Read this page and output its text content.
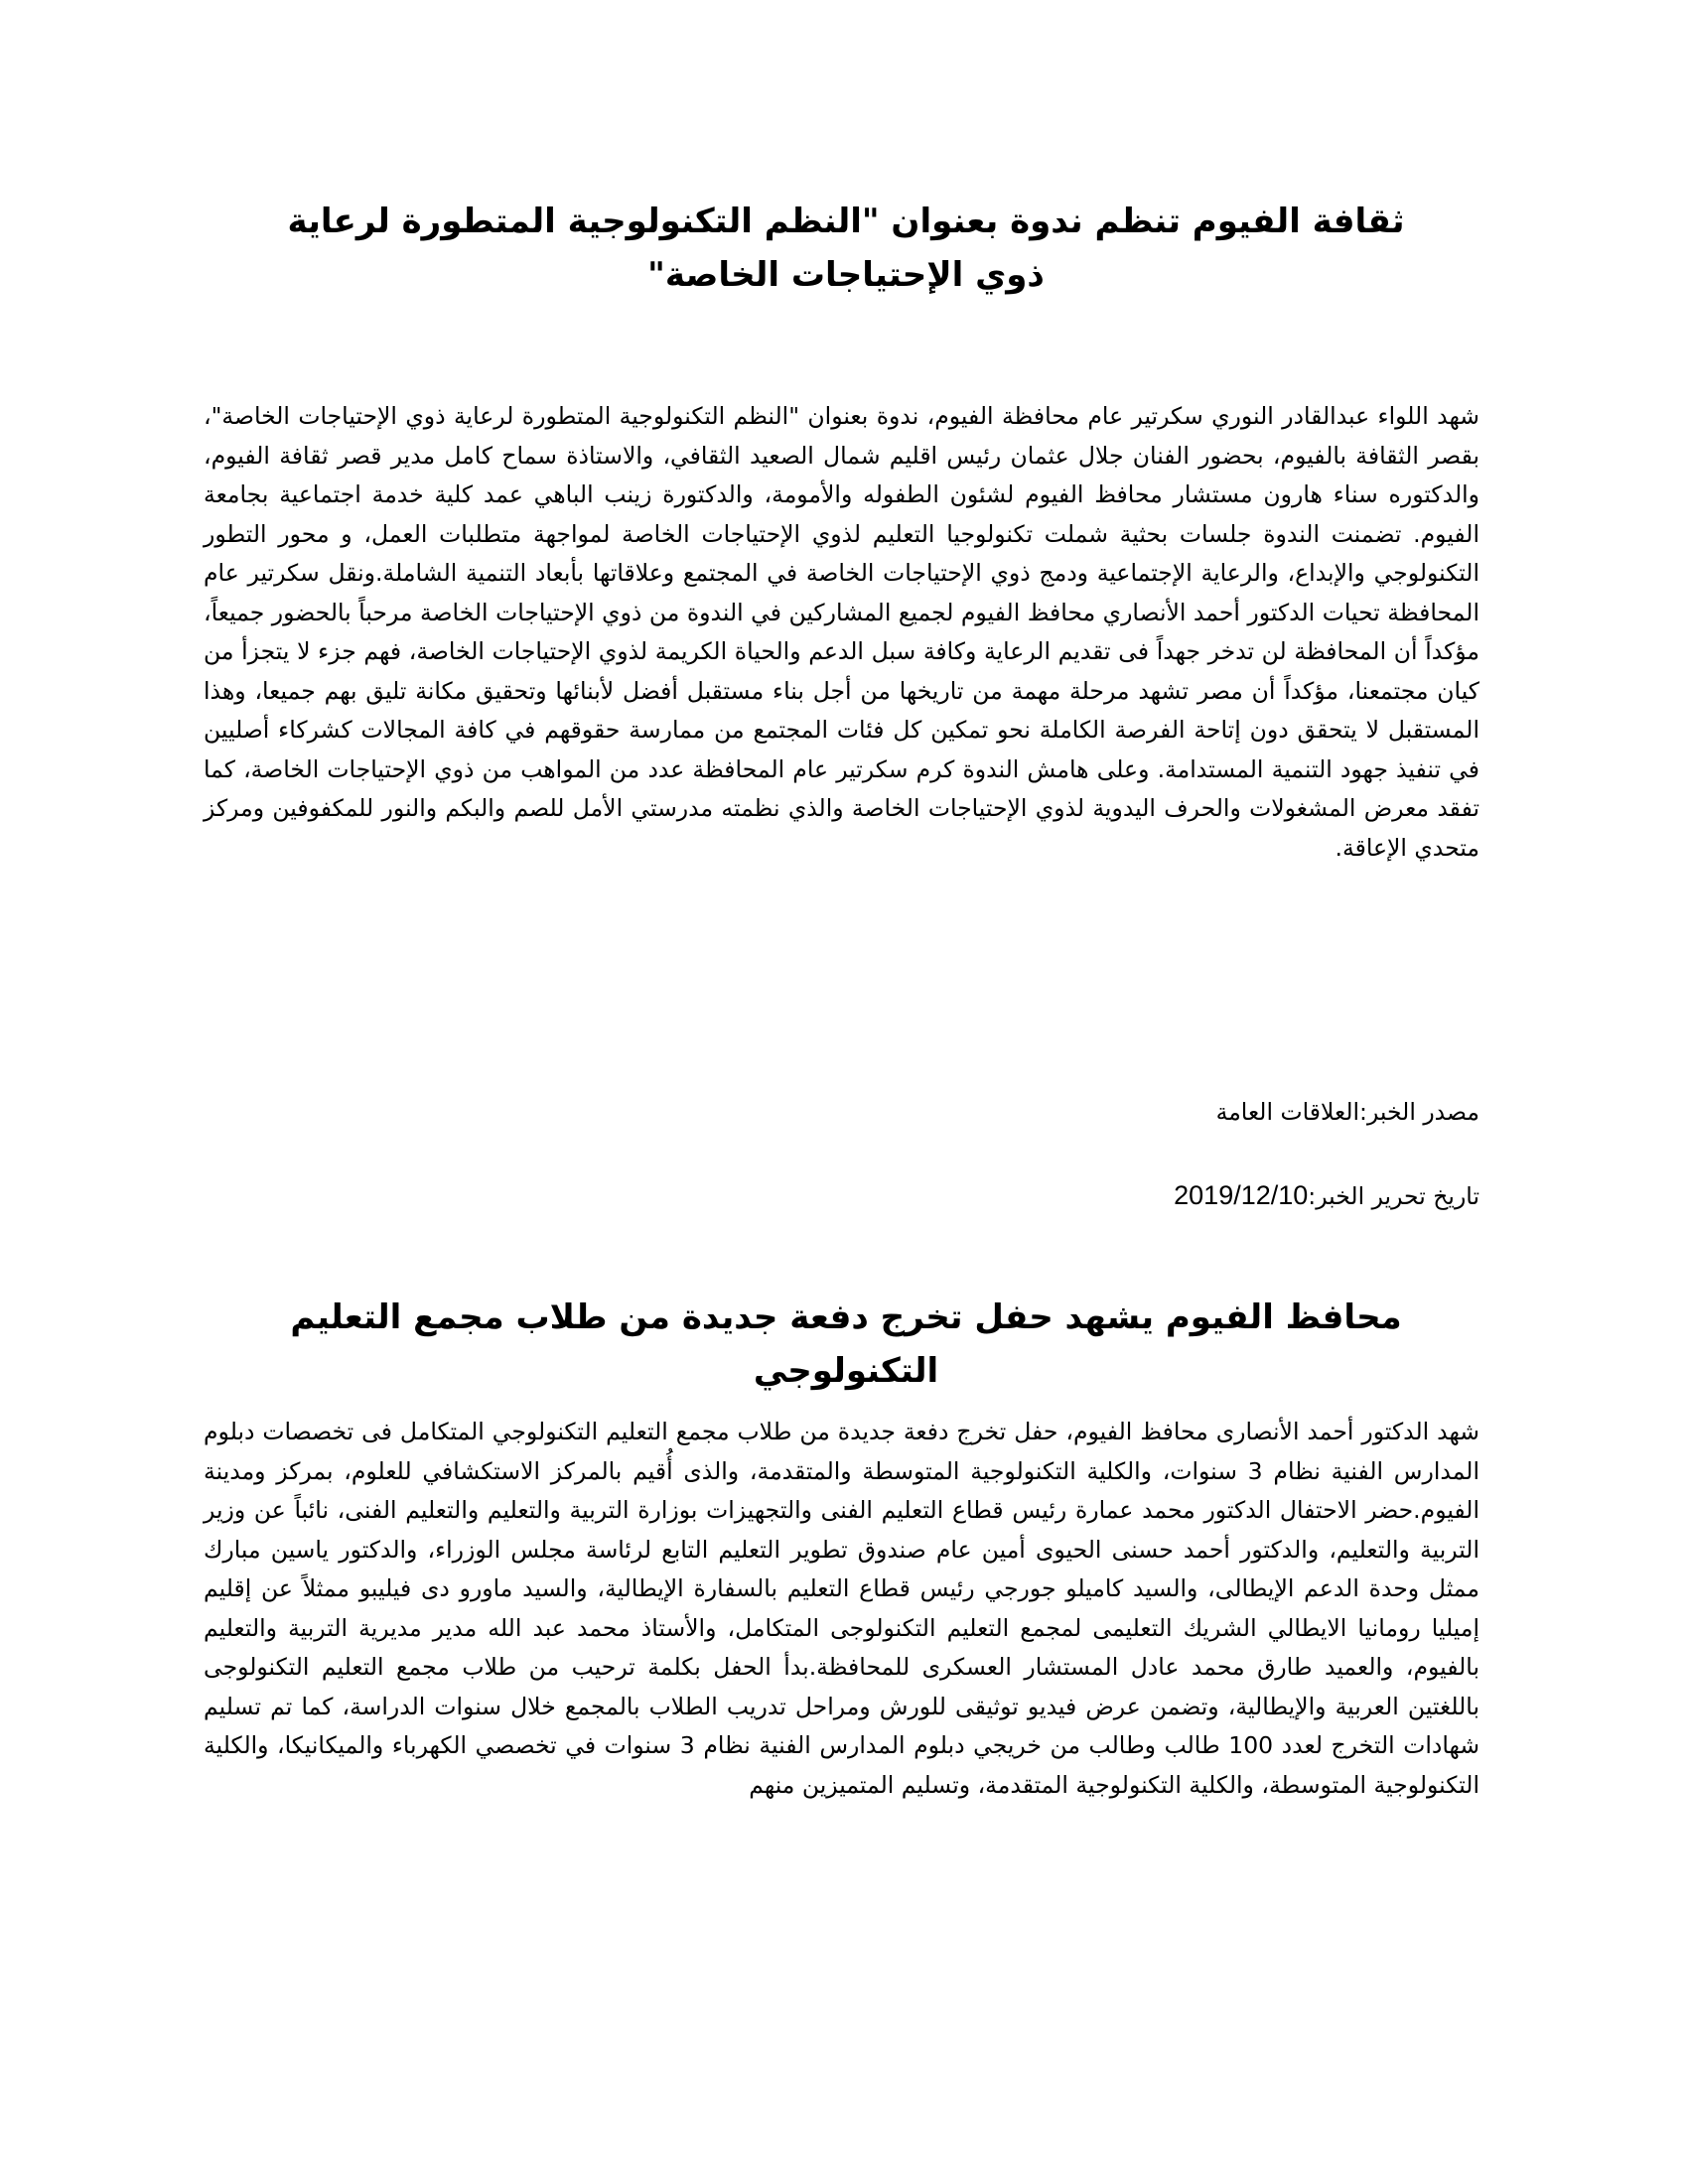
ثقافة الفيوم تنظم ندوة بعنوان "النظم التكنولوجية المتطورة لرعاية ذوي الإحتياجات الخاصة"

شهد اللواء عبدالقادر النوري سكرتير عام محافظة الفيوم، ندوة بعنوان "النظم التكنولوجية المتطورة لرعاية ذوي الإحتياجات الخاصة"، بقصر الثقافة بالفيوم، بحضور الفنان جلال عثمان رئيس اقليم شمال الصعيد الثقافي، والاستاذة سماح كامل مدير قصر ثقافة الفيوم، والدكتوره سناء هارون مستشار محافظ الفيوم لشئون الطفوله والأمومة، والدكتورة زينب الباهي عمد كلية خدمة اجتماعية بجامعة الفيوم. تضمنت الندوة جلسات بحثية شملت تكنولوجيا التعليم لذوي الإحتياجات الخاصة لمواجهة متطلبات العمل، و محور التطور التكنولوجي والإبداع، والرعاية الإجتماعية ودمج ذوي الإحتياجات الخاصة في المجتمع وعلاقاتها بأبعاد التنمية الشاملة.ونقل سكرتير عام المحافظة تحيات الدكتور أحمد الأنصاري محافظ الفيوم لجميع المشاركين في الندوة من ذوي الإحتياجات الخاصة مرحباً بالحضور جميعاً، مؤكداً أن المحافظة لن تدخر جهداً فى تقديم الرعاية وكافة سبل الدعم والحياة الكريمة لذوي الإحتياجات الخاصة، فهم جزء لا يتجزأ من كيان مجتمعنا، مؤكداً أن مصر تشهد مرحلة مهمة من تاريخها من أجل بناء مستقبل أفضل لأبنائها وتحقيق مكانة تليق بهم جميعا، وهذا المستقبل لا يتحقق دون إتاحة الفرصة الكاملة نحو تمكين كل فئات المجتمع من ممارسة حقوقهم في كافة المجالات كشركاء أصليين في تنفيذ جهود التنمية المستدامة. وعلى هامش الندوة كرم سكرتير عام المحافظة عدد من المواهب من ذوي الإحتياجات الخاصة، كما تفقد معرض المشغولات والحرف اليدوية لذوي الإحتياجات الخاصة والذي نظمته مدرستي الأمل للصم والبكم والنور للمكفوفين ومركز متحدي الإعاقة.

مصدر الخبر:العلاقات العامة

تاريخ تحرير الخبر:2019/12/10

محافظ الفيوم يشهد حفل تخرج دفعة جديدة من طلاب مجمع التعليم التكنولوجي

شهد الدكتور أحمد الأنصارى محافظ الفيوم، حفل تخرج دفعة جديدة من طلاب مجمع التعليم التكنولوجي المتكامل فى تخصصات دبلوم المدارس الفنية نظام 3 سنوات، والكلية التكنولوجية المتوسطة والمتقدمة، والذى أُقيم بالمركز الاستكشافي للعلوم، بمركز ومدينة الفيوم.حضر الاحتفال الدكتور محمد عمارة رئيس قطاع التعليم الفنى والتجهيزات بوزارة التربية والتعليم والتعليم الفنى، نائباً عن وزير التربية والتعليم، والدكتور أحمد حسنى الحيوى أمين عام صندوق تطوير التعليم التابع لرئاسة مجلس الوزراء، والدكتور ياسين مبارك ممثل وحدة الدعم الإيطالى، والسيد كاميلو جورجي رئيس قطاع التعليم بالسفارة الإيطالية، والسيد ماورو دى فيليبو ممثلاً عن إقليم إميليا رومانيا الايطالي الشريك التعليمى لمجمع التعليم التكنولوجى المتكامل، والأستاذ محمد عبد الله مدير مديرية التربية والتعليم بالفيوم، والعميد طارق محمد عادل المستشار العسكرى للمحافظة.بدأ الحفل بكلمة ترحيب من طلاب مجمع التعليم التكنولوجى باللغتين العربية والإيطالية، وتضمن عرض فيديو توثيقى للورش ومراحل تدريب الطلاب بالمجمع خلال سنوات الدراسة، كما تم تسليم شهادات التخرج لعدد 100 طالب وطالب من خريجي دبلوم المدارس الفنية نظام 3 سنوات في تخصصي الكهرباء والميكانيكا، والكلية التكنولوجية المتوسطة، والكلية التكنولوجية المتقدمة، وتسليم المتميزين منهم
